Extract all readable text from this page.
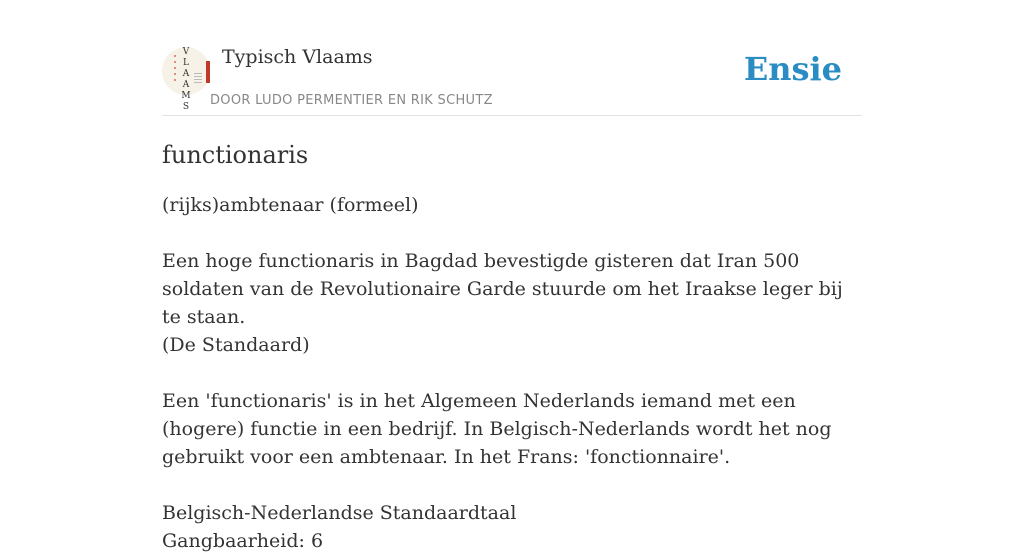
V
L
A
A
M
S
Typisch Vlaams
DOOR LUDO PERMENTIER EN RIK SCHUTZ
Ensie
functionaris
(rijks)ambtenaar (formeel)

Een hoge functionaris in Bagdad bevestigde gisteren dat Iran 500 soldaten van de Revolutionaire Garde stuurde om het Iraakse leger bij te staan.
(De Standaard)

Een 'functionaris' is in het Algemeen Nederlands iemand met een (hogere) functie in een bedrijf. In Belgisch-Nederlands wordt het nog gebruikt voor een ambtenaar. In het Frans: 'fonctionnaire'.

Belgisch-Nederlandse Standaardtaal
Gangbaarheid: 6
